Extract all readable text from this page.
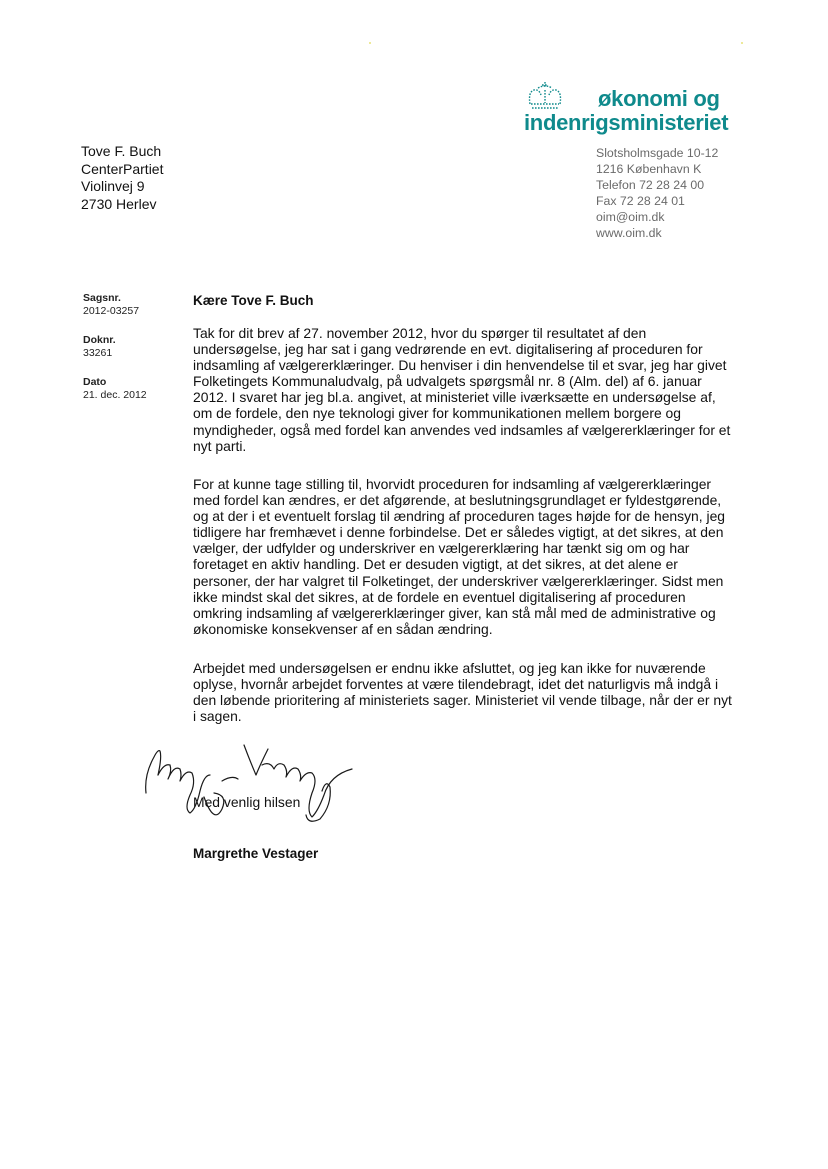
økonomi og
indenrigsministeriet
Slotsholmsgade 10-12
1216 København K
Telefon 72 28 24 00
Fax 72 28 24 01
oim@oim.dk
www.oim.dk
Tove F. Buch
CenterPartiet
Violinvej 9
2730 Herlev
Sagsnr.
2012-03257
Doknr.
33261
Dato
21. dec. 2012
Kære Tove F. Buch
Tak for dit brev af 27. november 2012, hvor du spørger til resultatet af den undersøgelse, jeg har sat i gang vedrørende en evt. digitalisering af proceduren for indsamling af vælgererklæringer. Du henviser i din henvendelse til et svar, jeg har givet Folketingets Kommunaludvalg, på udvalgets spørgsmål nr. 8 (Alm. del) af 6. januar 2012. I svaret har jeg bl.a. angivet, at ministeriet ville iværksætte en undersøgelse af, om de fordele, den nye teknologi giver for kommunikationen mellem borgere og myndigheder, også med fordel kan anvendes ved indsamles af vælgererklæringer for et nyt parti.
For at kunne tage stilling til, hvorvidt proceduren for indsamling af vælgererklæringer med fordel kan ændres, er det afgørende, at beslutningsgrundlaget er fyldestgørende, og at der i et eventuelt forslag til ændring af proceduren tages højde for de hensyn, jeg tidligere har fremhævet i denne forbindelse. Det er således vigtigt, at det sikres, at den vælger, der udfylder og underskriver en vælgererklæring har tænkt sig om og har foretaget en aktiv handling. Det er desuden vigtigt, at det sikres, at det alene er personer, der har valgret til Folketinget, der underskriver vælgererklæringer. Sidst men ikke mindst skal det sikres, at de fordele en eventuel digitalisering af proceduren omkring indsamling af vælgererklæringer giver, kan stå mål med de administrative og økonomiske konsekvenser af en sådan ændring.
Arbejdet med undersøgelsen er endnu ikke afsluttet, og jeg kan ikke for nuværende oplyse, hvornår arbejdet forventes at være tilendebragt, idet det naturligvis må indgå i den løbende prioritering af ministeriets sager. Ministeriet vil vende tilbage, når der er nyt i sagen.
Med venlig hilsen
Margrethe Vestager
